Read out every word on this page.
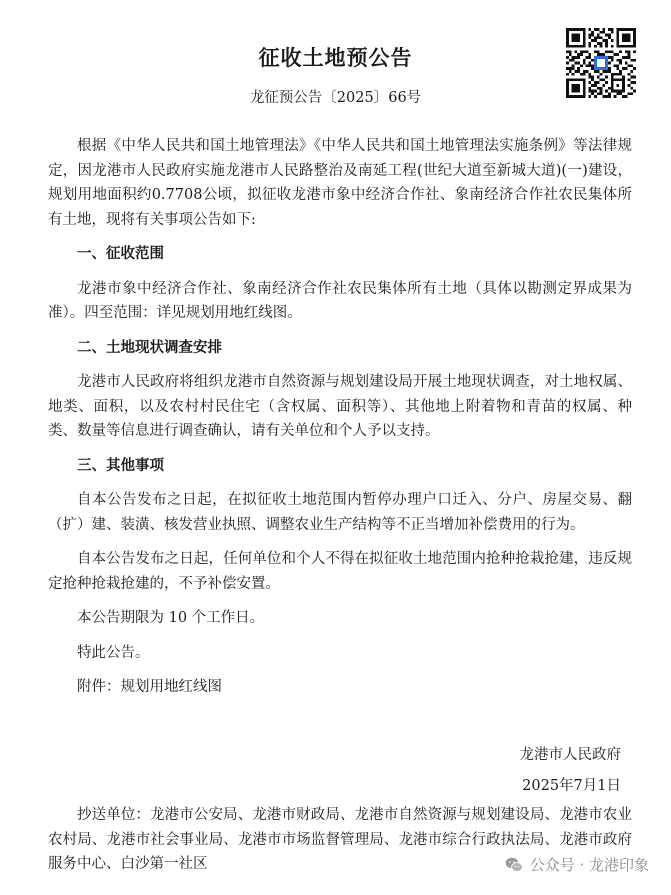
征收土地预公告
龙征预公告〔2025〕66号

根据《中华人民共和国土地管理法》《中华人民共和国土地管理法实施条例》等法律规定，因龙港市人民政府实施龙港市人民路整治及南延工程(世纪大道至新城大道)(一)建设，规划用地面积约0.7708公顷，拟征收龙港市象中经济合作社、象南经济合作社农民集体所有土地，现将有关事项公告如下:

一、征收范围

龙港市象中经济合作社、象南经济合作社农民集体所有土地（具体以勘测定界成果为准）。四至范围：详见规划用地红线图。

二、土地现状调查安排

龙港市人民政府将组织龙港市自然资源与规划建设局开展土地现状调查，对土地权属、地类、面积，以及农村村民住宅（含权属、面积等）、其他地上附着物和青苗的权属、种类、数量等信息进行调查确认，请有关单位和个人予以支持。

三、其他事项

自本公告发布之日起，在拟征收土地范围内暂停办理户口迁入、分户、房屋交易、翻（扩）建、装潢、核发营业执照、调整农业生产结构等不正当增加补偿费用的行为。

自本公告发布之日起，任何单位和个人不得在拟征收土地范围内抢种抢栽抢建，违反规定抢种抢栽抢建的，不予补偿安置。

本公告期限为 10 个工作日。

特此公告。

附件：规划用地红线图

龙港市人民政府
2025年7月1日
抄送单位：龙港市公安局、龙港市财政局、龙港市自然资源与规划建设局、龙港市农业农村局、龙港市社会事业局、龙港市市场监督管理局、龙港市综合行政执法局、龙港市政府服务中心、白沙第一社区	公众号 · 龙港印象
